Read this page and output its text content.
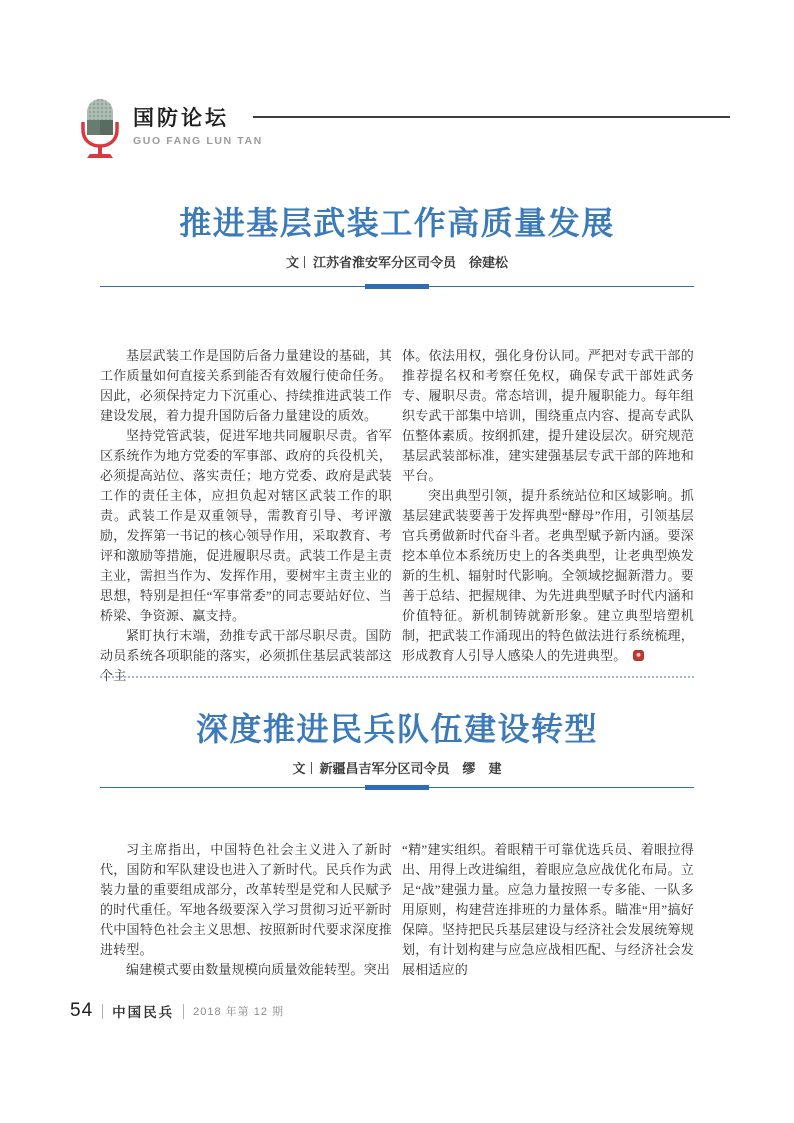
国防论坛
GUO FANG LUN TAN
推进基层武装工作高质量发展
文 江苏省淮安军分区司令员　徐建松

基层武装工作是国防后备力量建设的基础，其工作质量如何直接关系到能否有效履行使命任务。因此，必须保持定力下沉重心、持续推进武装工作建设发展，着力提升国防后备力量建设的质效。

坚持党管武装，促进军地共同履职尽责。省军区系统作为地方党委的军事部、政府的兵役机关，必须提高站位、落实责任；地方党委、政府是武装工作的责任主体，应担负起对辖区武装工作的职责。武装工作是双重领导，需教育引导、考评激励，发挥第一书记的核心领导作用，采取教育、考评和激励等措施，促进履职尽责。武装工作是主责主业，需担当作为、发挥作用，要树牢主责主业的思想，特别是担任“军事常委”的同志要站好位、当桥梁、争资源、赢支持。

紧盯执行末端，劲推专武干部尽职尽责。国防动员系统各项职能的落实，必须抓住基层武装部这个主

体。依法用权，强化身份认同。严把对专武干部的推荐提名权和考察任免权，确保专武干部姓武务专、履职尽责。常态培训，提升履职能力。每年组织专武干部集中培训，围绕重点内容、提高专武队伍整体素质。按纲抓建，提升建设层次。研究规范基层武装部标准，建实建强基层专武干部的阵地和平台。

突出典型引领，提升系统站位和区域影响。抓基层建武装要善于发挥典型“酵母”作用，引领基层官兵勇做新时代奋斗者。老典型赋予新内涵。要深挖本单位本系统历史上的各类典型，让老典型焕发新的生机、辐射时代影响。全领域挖掘新潜力。要善于总结、把握规律、为先进典型赋予时代内涵和价值特征。新机制铸就新形象。建立典型培塑机制，把武装工作涌现出的特色做法进行系统梳理，形成教育人引导人感染人的先进典型。

深度推进民兵队伍建设转型
文 新疆昌吉军分区司令员　缪　建

习主席指出，中国特色社会主义进入了新时代，国防和军队建设也进入了新时代。民兵作为武装力量的重要组成部分，改革转型是党和人民赋予的时代重任。军地各级要深入学习贯彻习近平新时代中国特色社会主义思想、按照新时代要求深度推进转型。

编建模式要由数量规模向质量效能转型。突出

“精”建实组织。着眼精干可靠优选兵员、着眼拉得出、用得上改进编组，着眼应急应战优化布局。立足“战”建强力量。应急力量按照一专多能、一队多用原则，构建营连排班的力量体系。瞄准“用”搞好保障。坚持把民兵基层建设与经济社会发展统筹规划，有计划构建与应急应战相匹配、与经济社会发展相适应的

54 中国民兵 2018 年第 12 期
